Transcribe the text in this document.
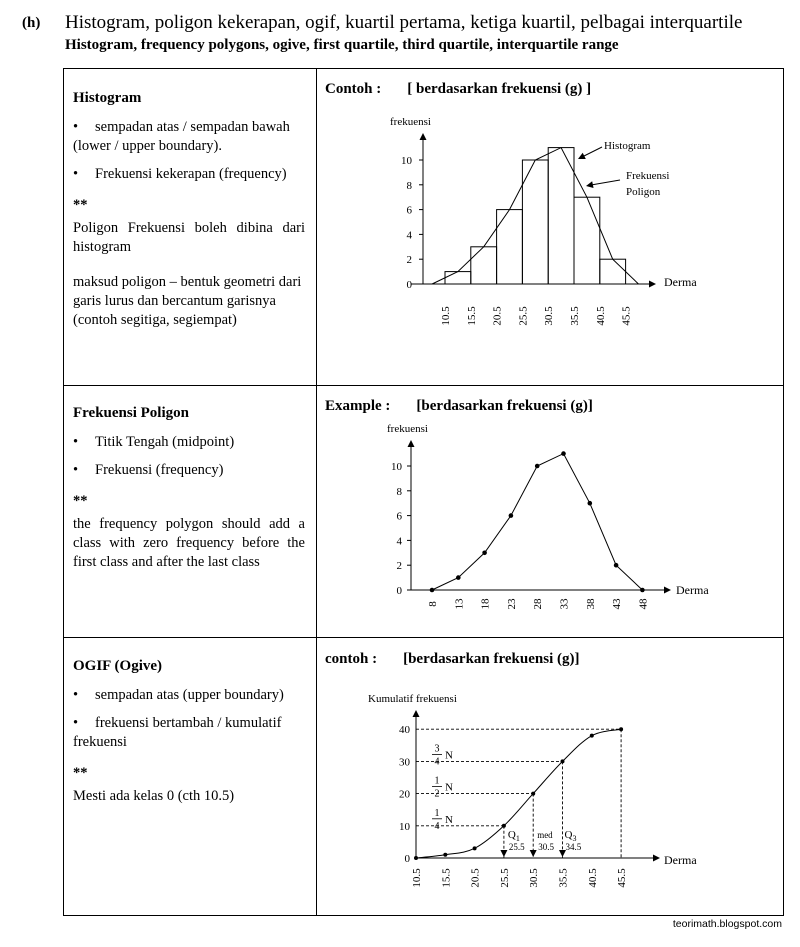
(h) Histogram, poligon kekerapan, ogif, kuartil pertama, ketiga kuartil, pelbagai interquartile
Histogram, frequency polygons, ogive, first quartile, third quartile, interquartile range
Histogram
• sempadan atas / sempadan bawah (lower / upper boundary).
• Frekuensi kekerapan (frequency)
**
Poligon Frekuensi boleh dibina dari histogram
maksud poligon – bentuk geometri dari garis lurus dan bercantum garisnya (contoh segitiga, segiempat)
Frekuensi Poligon
• Titik Tengah (midpoint)
• Frekuensi (frequency)
**
the frequency polygon should add a class with zero frequency before the first class and after the last class
OGIF (Ogive)
• sempadan atas (upper boundary)
• frekuensi bertambah / kumulatif frekuensi
**
Mesti ada kelas 0 (cth 10.5)
Contoh : [ berdasarkan frekuensi (g) ]
Example : [berdasarkan frekuensi (g)]
contoh : [berdasarkan frekuensi (g)]
frekuensi
Derma
0
2
4
6
8
10
10.5 15.5 20.5 25.5 30.5 35.5 40.5 45.5
Histogram
Frekuensi
Poligon
frekuensi
Derma
0
2
4
6
8
10
8 13 18 23 28 33 38 43 48
Kumulatif frekuensi
Derma
0
10
20
30
40
10.5 15.5 20.5 25.5 30.5 35.5 40.5 45.5
1
4
N
1
2
N
3
4
N
Q 1
25.5
med
30.5
Q 3
34.5
teorimath.blogspot.com
